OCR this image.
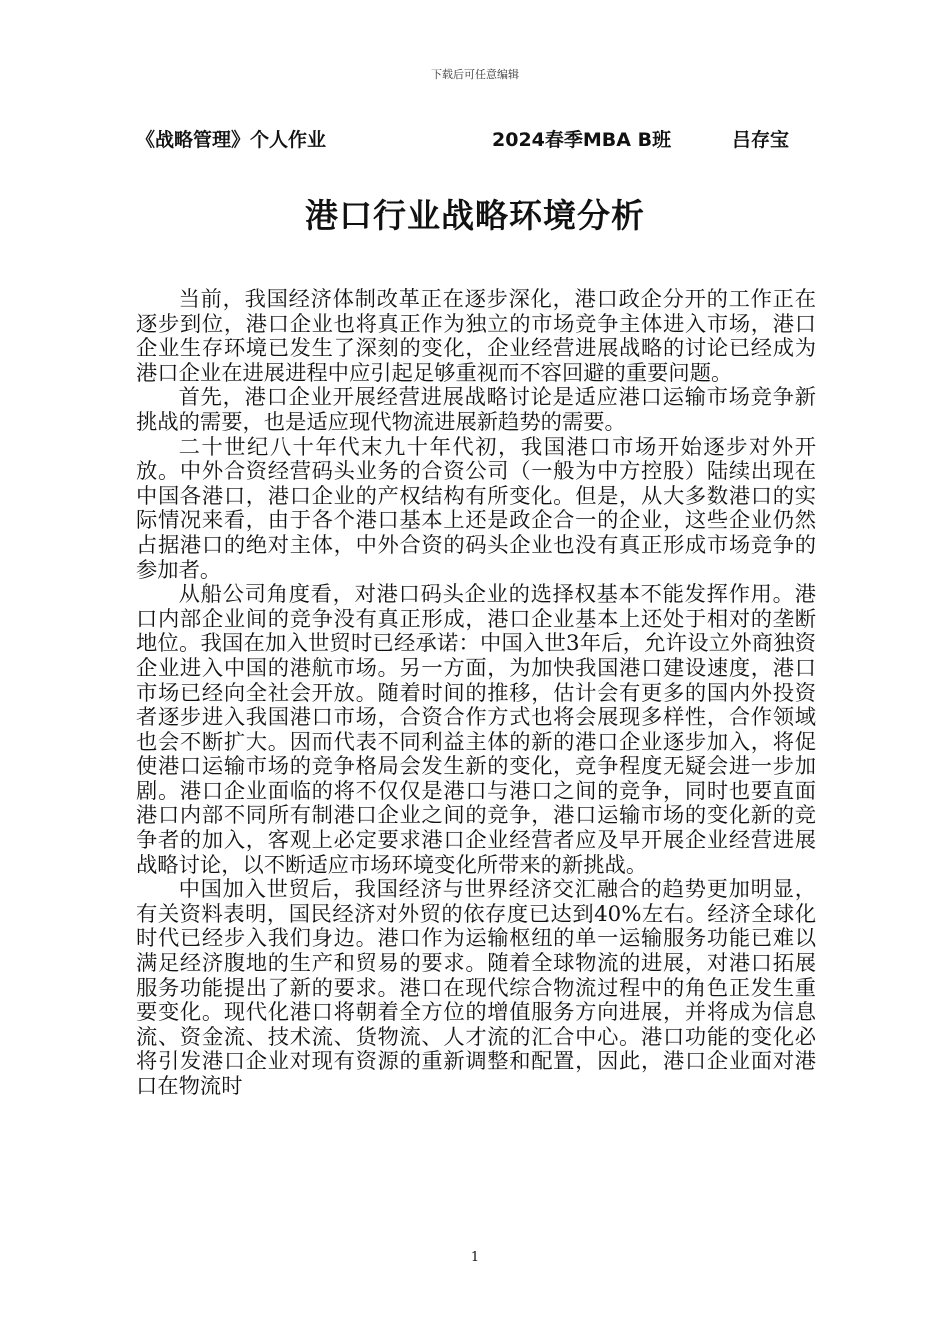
下载后可任意编辑
《战略管理》个人作业	2024春季MBA B班	吕存宝
港口行业战略环境分析

当前，我国经济体制改革正在逐步深化，港口政企分开的工作正在逐步到位，港口企业也将真正作为独立的市场竞争主体进入市场，港口企业生存环境已发生了深刻的变化，企业经营进展战略的讨论已经成为港口企业在进展进程中应引起足够重视而不容回避的重要问题。

首先，港口企业开展经营进展战略讨论是适应港口运输市场竞争新挑战的需要，也是适应现代物流进展新趋势的需要。

二十世纪八十年代末九十年代初，我国港口市场开始逐步对外开放。中外合资经营码头业务的合资公司（一般为中方控股）陆续出现在中国各港口，港口企业的产权结构有所变化。但是，从大多数港口的实际情况来看，由于各个港口基本上还是政企合一的企业，这些企业仍然占据港口的绝对主体，中外合资的码头企业也没有真正形成市场竞争的参加者。

从船公司角度看，对港口码头企业的选择权基本不能发挥作用。港口内部企业间的竞争没有真正形成，港口企业基本上还处于相对的垄断地位。我国在加入世贸时已经承诺：中国入世3年后，允许设立外商独资企业进入中国的港航市场。另一方面，为加快我国港口建设速度，港口市场已经向全社会开放。随着时间的推移，估计会有更多的国内外投资者逐步进入我国港口市场，合资合作方式也将会展现多样性，合作领域也会不断扩大。因而代表不同利益主体的新的港口企业逐步加入，将促使港口运输市场的竞争格局会发生新的变化，竞争程度无疑会进一步加剧。港口企业面临的将不仅仅是港口与港口之间的竞争，同时也要直面港口内部不同所有制港口企业之间的竞争，港口运输市场的变化新的竞争者的加入，客观上必定要求港口企业经营者应及早开展企业经营进展战略讨论，以不断适应市场环境变化所带来的新挑战。

中国加入世贸后，我国经济与世界经济交汇融合的趋势更加明显，有关资料表明，国民经济对外贸的依存度已达到40%左右。经济全球化时代已经步入我们身边。港口作为运输枢纽的单一运输服务功能已难以满足经济腹地的生产和贸易的要求。随着全球物流的进展，对港口拓展服务功能提出了新的要求。港口在现代综合物流过程中的角色正发生重要变化。现代化港口将朝着全方位的增值服务方向进展，并将成为信息流、资金流、技术流、货物流、人才流的汇合中心。港口功能的变化必将引发港口企业对现有资源的重新调整和配置，因此，港口企业面对港口在物流时

1
